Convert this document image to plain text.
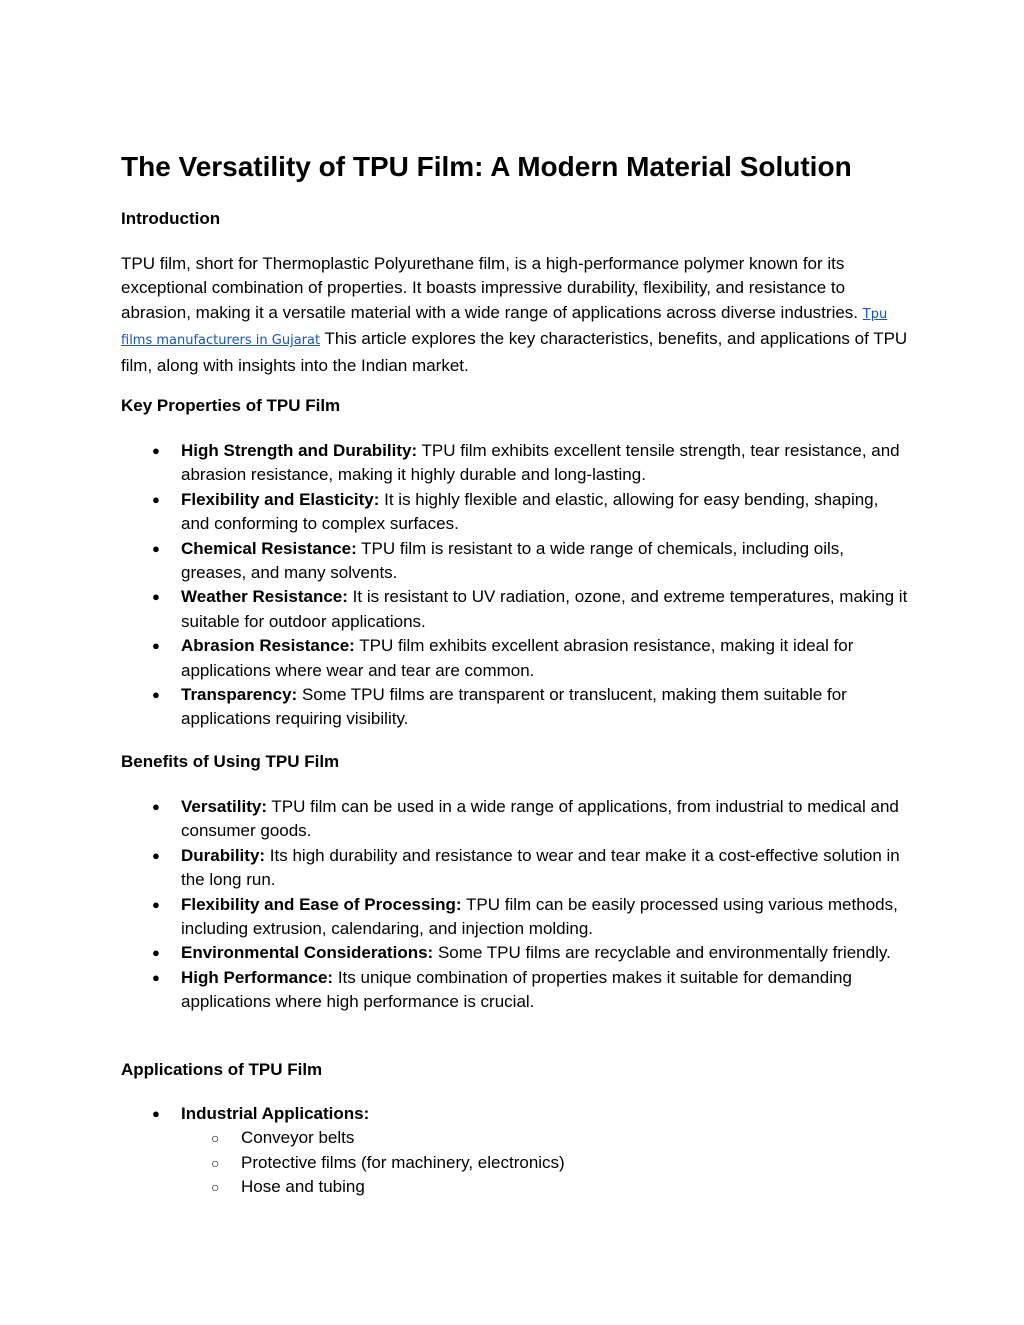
The Versatility of TPU Film: A Modern Material Solution
Introduction

TPU film, short for Thermoplastic Polyurethane film, is a high-performance polymer known for its exceptional combination of properties. It boasts impressive durability, flexibility, and resistance to abrasion, making it a versatile material with a wide range of applications across diverse industries. Tpu films manufacturers in Gujarat This article explores the key characteristics, benefits, and applications of TPU film, along with insights into the Indian market.

Key Properties of TPU Film
● High Strength and Durability: TPU film exhibits excellent tensile strength, tear resistance, and abrasion resistance, making it highly durable and long-lasting.
● Flexibility and Elasticity: It is highly flexible and elastic, allowing for easy bending, shaping, and conforming to complex surfaces.
● Chemical Resistance: TPU film is resistant to a wide range of chemicals, including oils, greases, and many solvents.
● Weather Resistance: It is resistant to UV radiation, ozone, and extreme temperatures, making it suitable for outdoor applications.
● Abrasion Resistance: TPU film exhibits excellent abrasion resistance, making it ideal for applications where wear and tear are common.
● Transparency: Some TPU films are transparent or translucent, making them suitable for applications requiring visibility.
Benefits of Using TPU Film
● Versatility: TPU film can be used in a wide range of applications, from industrial to medical and consumer goods.
● Durability: Its high durability and resistance to wear and tear make it a cost-effective solution in the long run.
● Flexibility and Ease of Processing: TPU film can be easily processed using various methods, including extrusion, calendaring, and injection molding.
● Environmental Considerations: Some TPU films are recyclable and environmentally friendly.
● High Performance: Its unique combination of properties makes it suitable for demanding applications where high performance is crucial.
Applications of TPU Film
● Industrial Applications:
○ Conveyor belts
○ Protective films (for machinery, electronics)
○ Hose and tubing
